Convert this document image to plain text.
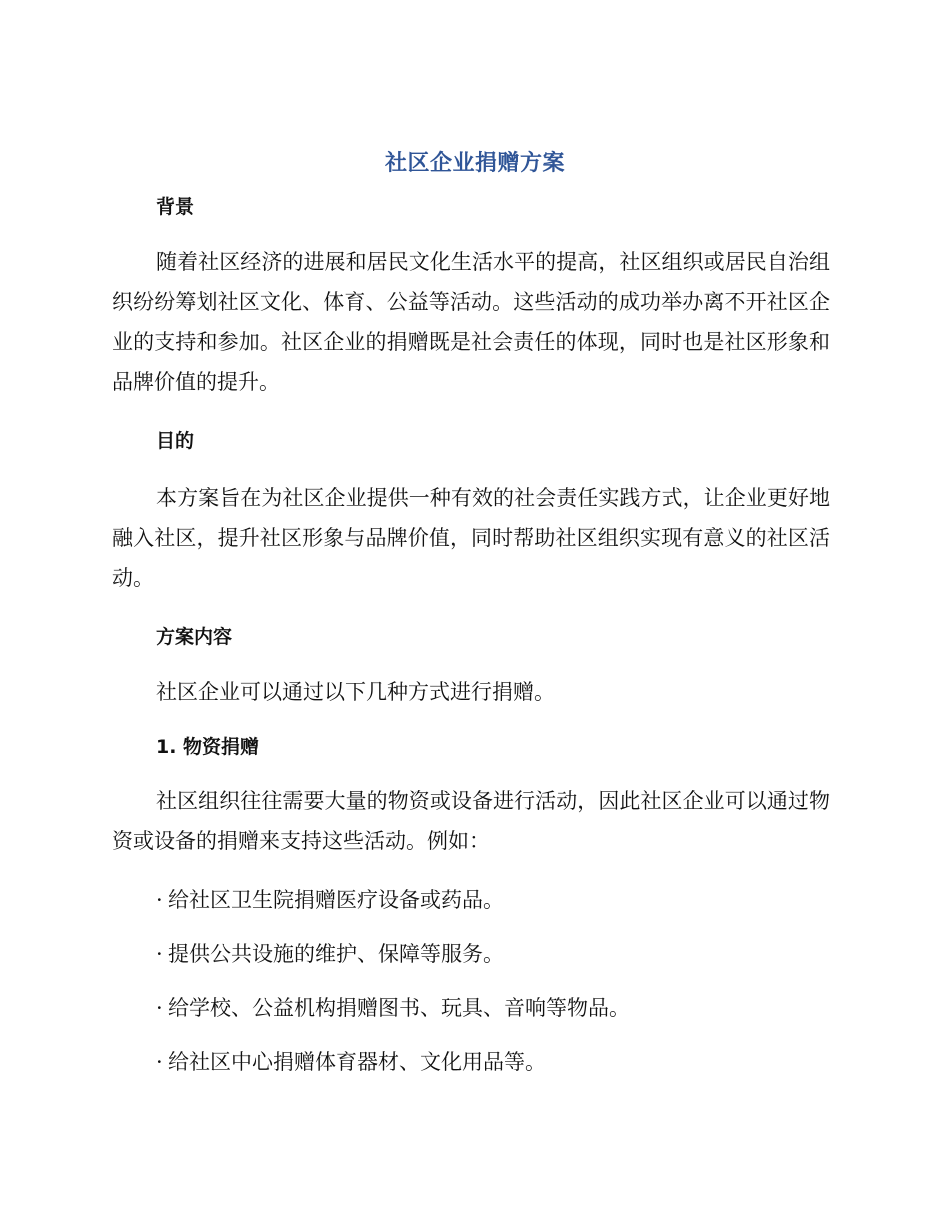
社区企业捐赠方案
背景

随着社区经济的进展和居民文化生活水平的提高，社区组织或居民自治组织纷纷筹划社区文化、体育、公益等活动。这些活动的成功举办离不开社区企业的支持和参加。社区企业的捐赠既是社会责任的体现，同时也是社区形象和品牌价值的提升。

目的

本方案旨在为社区企业提供一种有效的社会责任实践方式，让企业更好地融入社区，提升社区形象与品牌价值，同时帮助社区组织实现有意义的社区活动。

方案内容

社区企业可以通过以下几种方式进行捐赠。

1. 物资捐赠

社区组织往往需要大量的物资或设备进行活动，因此社区企业可以通过物资或设备的捐赠来支持这些活动。例如：

· 给社区卫生院捐赠医疗设备或药品。

· 提供公共设施的维护、保障等服务。

· 给学校、公益机构捐赠图书、玩具、音响等物品。

· 给社区中心捐赠体育器材、文化用品等。
